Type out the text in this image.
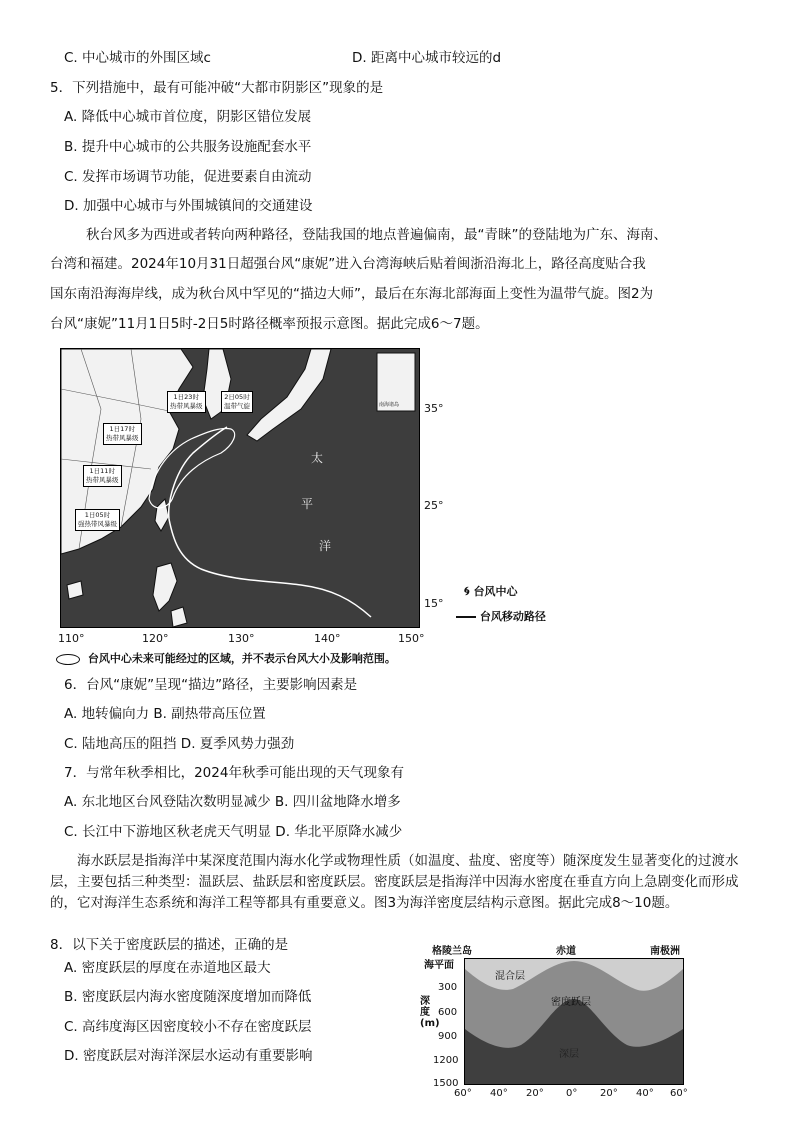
C. 中心城市的外围区域c	D. 距离中心城市较远的d
5．下列措施中，最有可能冲破“大都市阴影区”现象的是
A. 降低中心城市首位度，阴影区错位发展
B. 提升中心城市的公共服务设施配套水平
C. 发挥市场调节功能，促进要素自由流动
D. 加强中心城市与外围城镇间的交通建设
秋台风多为西进或者转向两种路径，登陆我国的地点普遍偏南，最“青睐”的登陆地为广东、海南、
台湾和福建。2024年10月31日超强台风“康妮”进入台湾海峡后贴着闽浙沿海北上，路径高度贴合我
国东南沿海海岸线，成为秋台风中罕见的“描边大师”，最后在东海北部海面上变性为温带气旋。图2为
台风“康妮”11月1日5时-2日5时路径概率预报示意图。据此完成6～7题。
1日23时
热带风暴级
2日05时
温带气旋
1日17时
热带风暴级
1日11时
热带风暴级
1日05时
强热带风暴级
南海诸岛
太
平
洋
35°
25°
15°
110°	120°	130°	140°	150°
🌀︎ 台风中心
台风移动路径
台风中心未来可能经过的区域，并不表示台风大小及影响范围。
6．台风“康妮”呈现“描边”路径，主要影响因素是
A. 地转偏向力 B. 副热带高压位置
C. 陆地高压的阻挡 D. 夏季风势力强劲
7．与常年秋季相比，2024年秋季可能出现的天气现象有
A. 东北地区台风登陆次数明显减少 B. 四川盆地降水增多
C. 长江中下游地区秋老虎天气明显 D. 华北平原降水减少
海水跃层是指海洋中某深度范围内海水化学或物理性质（如温度、盐度、密度等）随深度发生显著变化的过渡水层，主要包括三种类型：温跃层、盐跃层和密度跃层。密度跃层是指海洋中因海水密度在垂直方向上急剧变化而形成的，它对海洋生态系统和海洋工程等都具有重要意义。图3为海洋密度层结构示意图。据此完成8～10题。
8．以下关于密度跃层的描述，正确的是
A. 密度跃层的厚度在赤道地区最大
B. 密度跃层内海水密度随深度增加而降低
C. 高纬度海区因密度较小不存在密度跃层
D. 密度跃层对海洋深层水运动有重要影响
格陵兰岛	赤道	南极洲
海平面
深度(m)
300
600
900
1200
1500
混合层
密度跃层
深层
60° 40° 20° 0° 20° 40° 60°
